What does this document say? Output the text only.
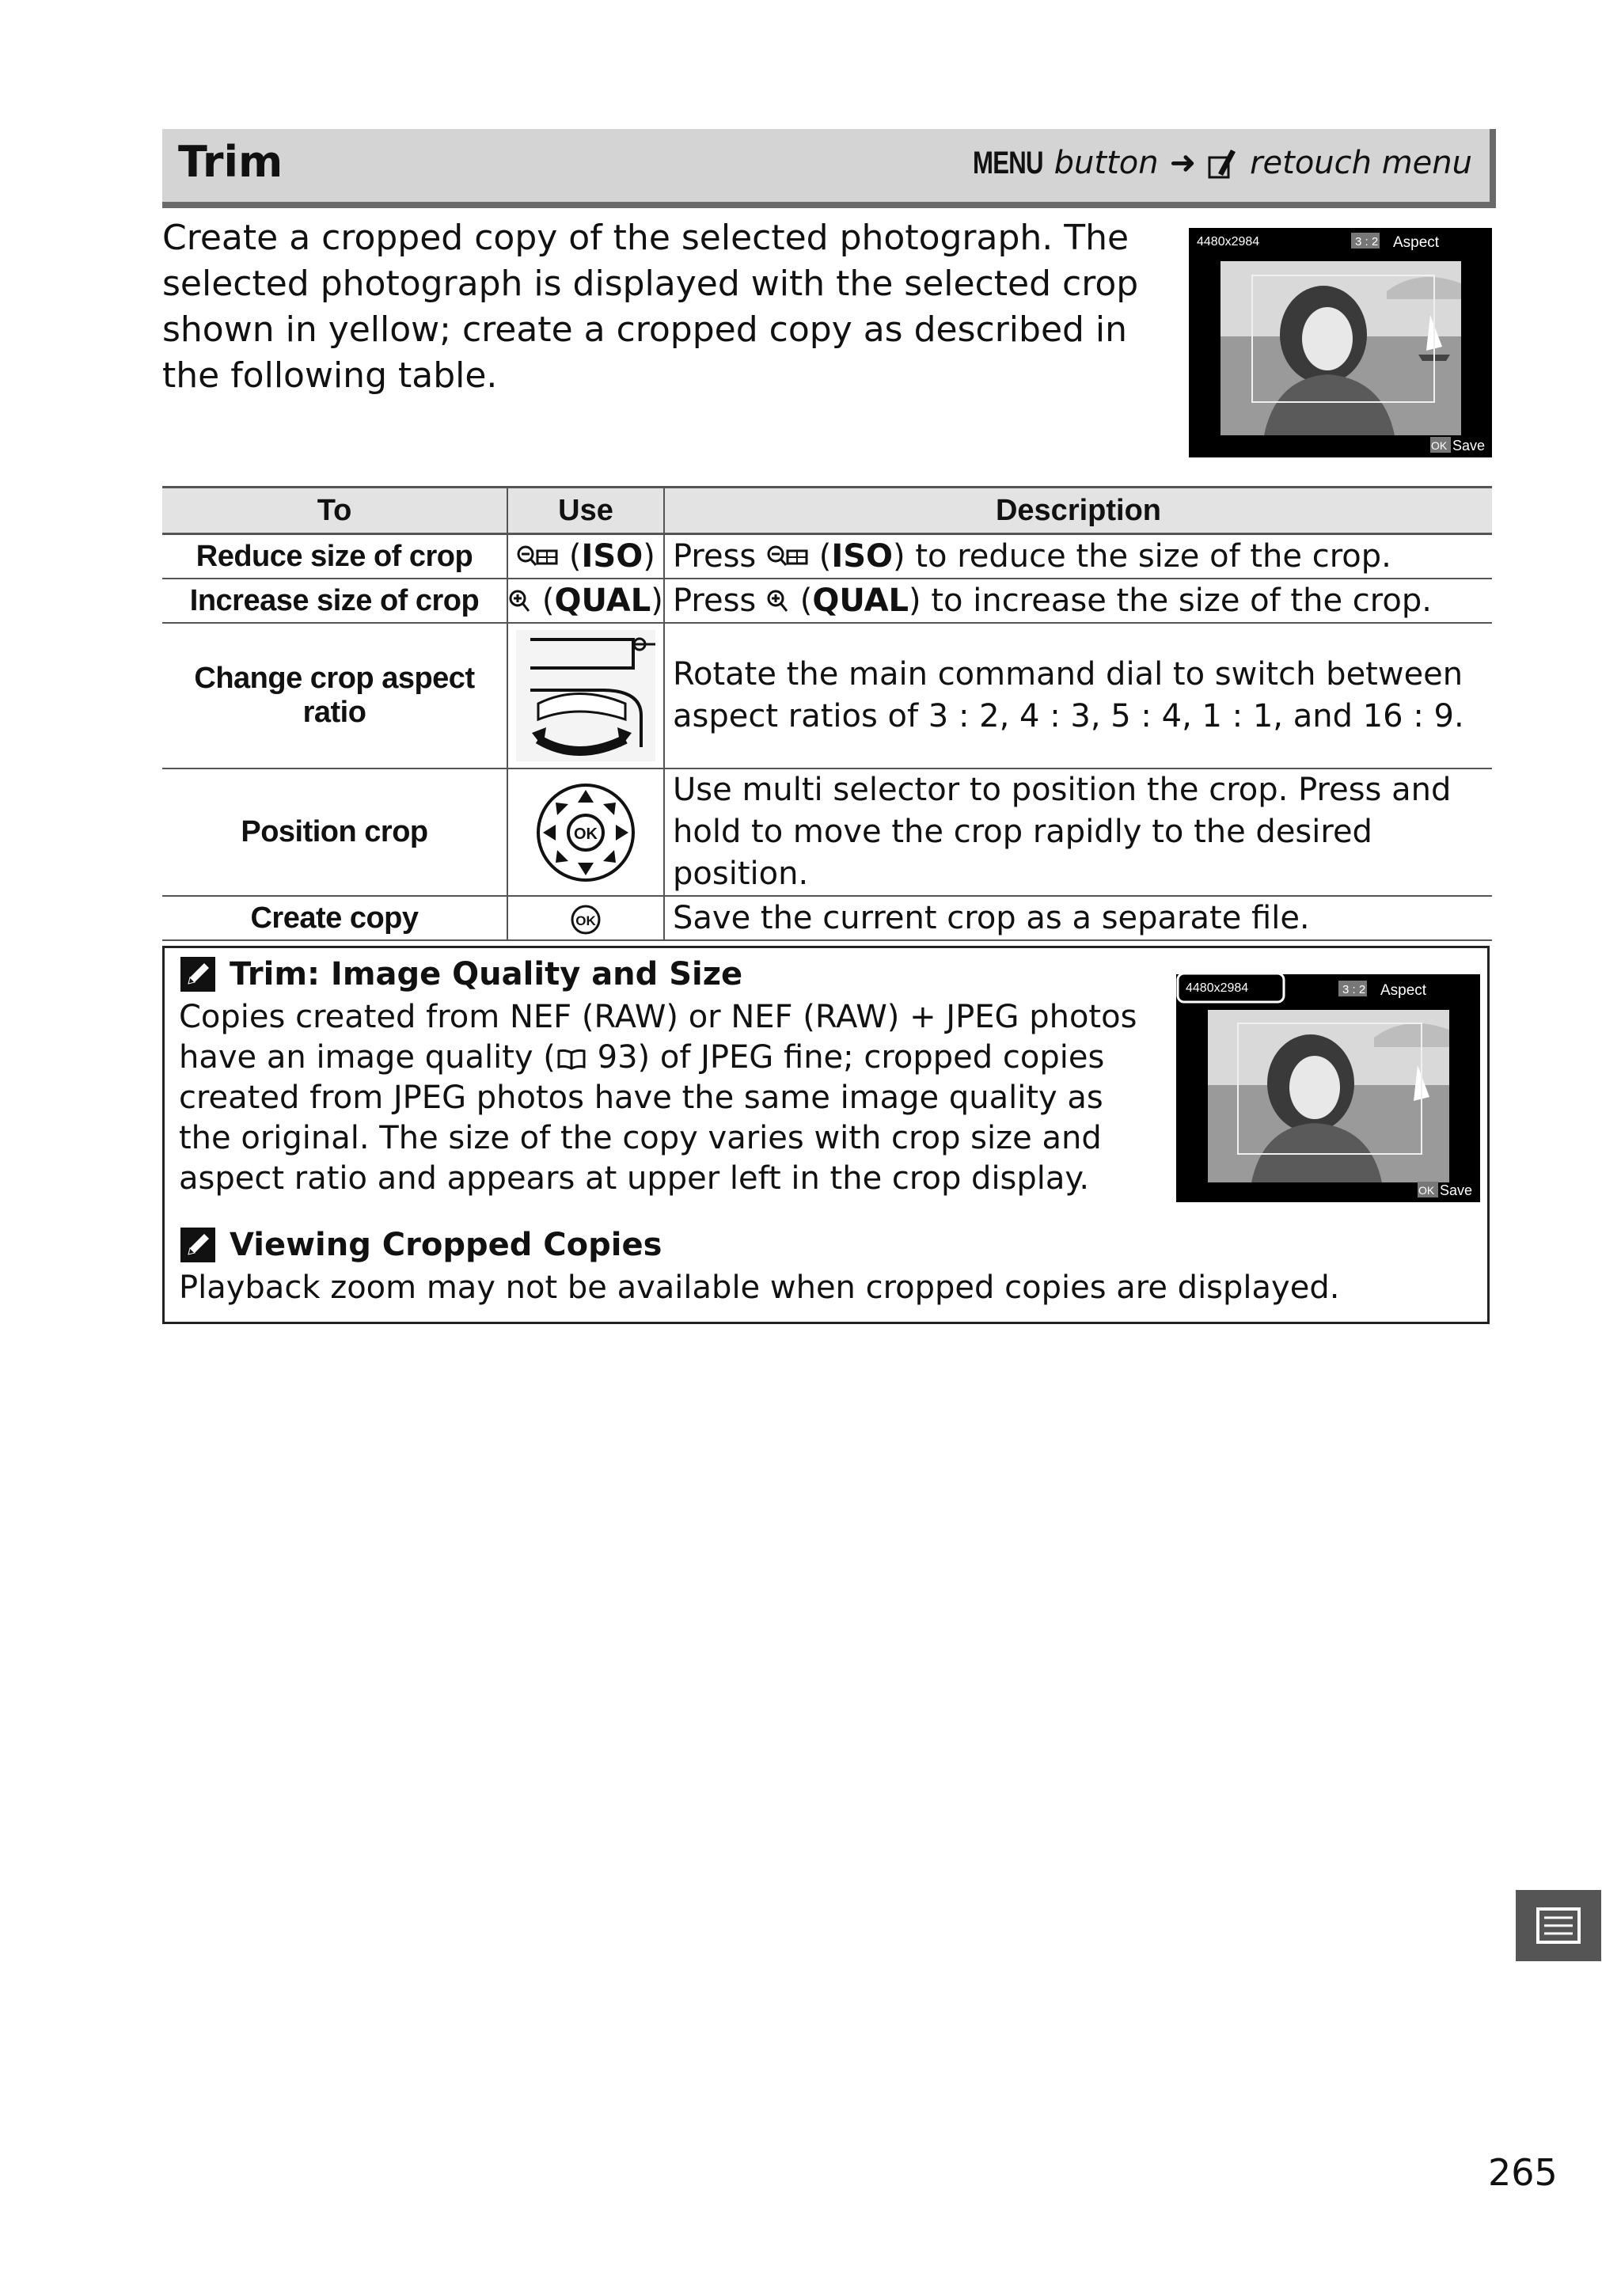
Trim	MENU button ➜ retouch menu
Create a cropped copy of the selected photograph. The selected photograph is displayed with the selected crop shown in yellow; create a cropped copy as described in the following table.
4480x2984	3 : 2 Aspect
OK Save
To	Use	Description
Reduce size of crop	(ISO)	Press  (ISO) to reduce the size of the crop.
Increase size of crop	(QUAL)	Press  (QUAL) to increase the size of the crop.
Change crop aspect ratio		Rotate the main command dial to switch between aspect ratios of 3 : 2, 4 : 3, 5 : 4, 1 : 1, and 16 : 9.
Position crop	OK	Use multi selector to position the crop. Press and hold to move the crop rapidly to the desired position.
Create copy	OK	Save the current crop as a separate file.
Trim: Image Quality and Size
Copies created from NEF (RAW) or NEF (RAW) + JPEG photos have an image quality ( 93) of JPEG fine; cropped copies created from JPEG photos have the same image quality as the original. The size of the copy varies with crop size and aspect ratio and appears at upper left in the crop display.
4480x2984	3 : 2 Aspect
OK Save
Viewing Cropped Copies
Playback zoom may not be available when cropped copies are displayed.
265
